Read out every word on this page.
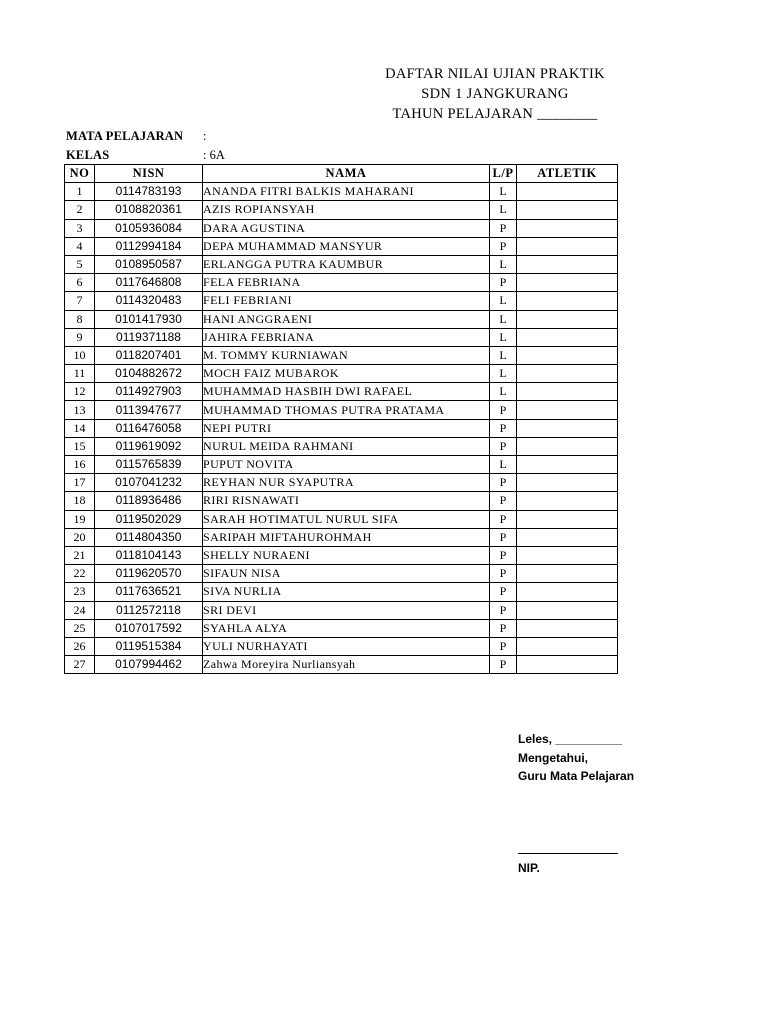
DAFTAR NILAI UJIAN PRAKTIK
SDN 1 JANGKURANG
TAHUN PELAJARAN ________
MATA PELAJARAN :
KELAS	: 6A
NO	NISN	NAMA	L/P	ATLETIK
1	0114783193	ANANDA FITRI BALKIS MAHARANI	L	
2	0108820361	AZIS ROPIANSYAH	L	
3	0105936084	DARA AGUSTINA	P	
4	0112994184	DEPA MUHAMMAD MANSYUR	P	
5	0108950587	ERLANGGA PUTRA KAUMBUR	L	
6	0117646808	FELA FEBRIANA	P	
7	0114320483	FELI FEBRIANI	L	
8	0101417930	HANI ANGGRAENI	L	
9	0119371188	JAHIRA FEBRIANA	L	
10	0118207401	M. TOMMY KURNIAWAN	L	
11	0104882672	MOCH FAIZ MUBAROK	L	
12	0114927903	MUHAMMAD HASBIH DWI RAFAEL	L	
13	0113947677	MUHAMMAD THOMAS PUTRA PRATAMA	P	
14	0116476058	NEPI PUTRI	P	
15	0119619092	NURUL MEIDA RAHMANI	P	
16	0115765839	PUPUT NOVITA	L	
17	0107041232	REYHAN NUR SYAPUTRA	P	
18	0118936486	RIRI RISNAWATI	P	
19	0119502029	SARAH HOTIMATUL NURUL SIFA	P	
20	0114804350	SARIPAH MIFTAHUROHMAH	P	
21	0118104143	SHELLY NURAENI	P	
22	0119620570	SIFAUN NISA	P	
23	0117636521	SIVA NURLIA	P	
24	0112572118	SRI DEVI	P	
25	0107017592	SYAHLA ALYA	P	
26	0119515384	YULI NURHAYATI	P	
27	0107994462	Zahwa Moreyira Nurliansyah	P	
Leles, __________
Mengetahui,
Guru Mata Pelajaran
NIP.
